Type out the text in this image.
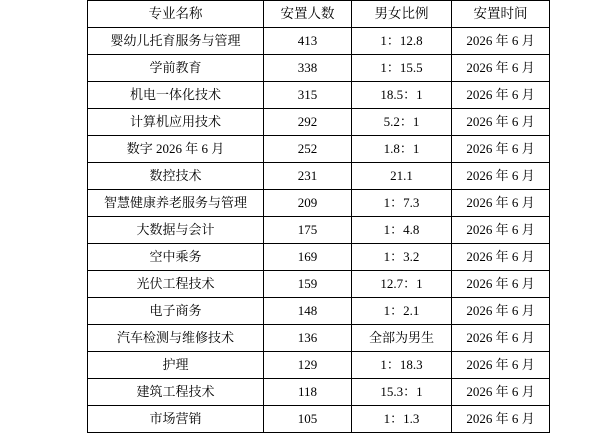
专业名称	安置人数	男女比例	安置时间
婴幼儿托育服务与管理	413	1：12.8	2026 年 6 月
学前教育	338	1：15.5	2026 年 6 月
机电一体化技术	315	18.5：1	2026 年 6 月
计算机应用技术	292	5.2：1	2026 年 6 月
数字 2026 年 6 月	252	1.8：1	2026 年 6 月
数控技术	231	21.1	2026 年 6 月
智慧健康养老服务与管理	209	1：7.3	2026 年 6 月
大数据与会计	175	1：4.8	2026 年 6 月
空中乘务	169	1：3.2	2026 年 6 月
光伏工程技术	159	12.7：1	2026 年 6 月
电子商务	148	1：2.1	2026 年 6 月
汽车检测与维修技术	136	全部为男生	2026 年 6 月
护理	129	1：18.3	2026 年 6 月
建筑工程技术	118	15.3：1	2026 年 6 月
市场营销	105	1：1.3	2026 年 6 月
